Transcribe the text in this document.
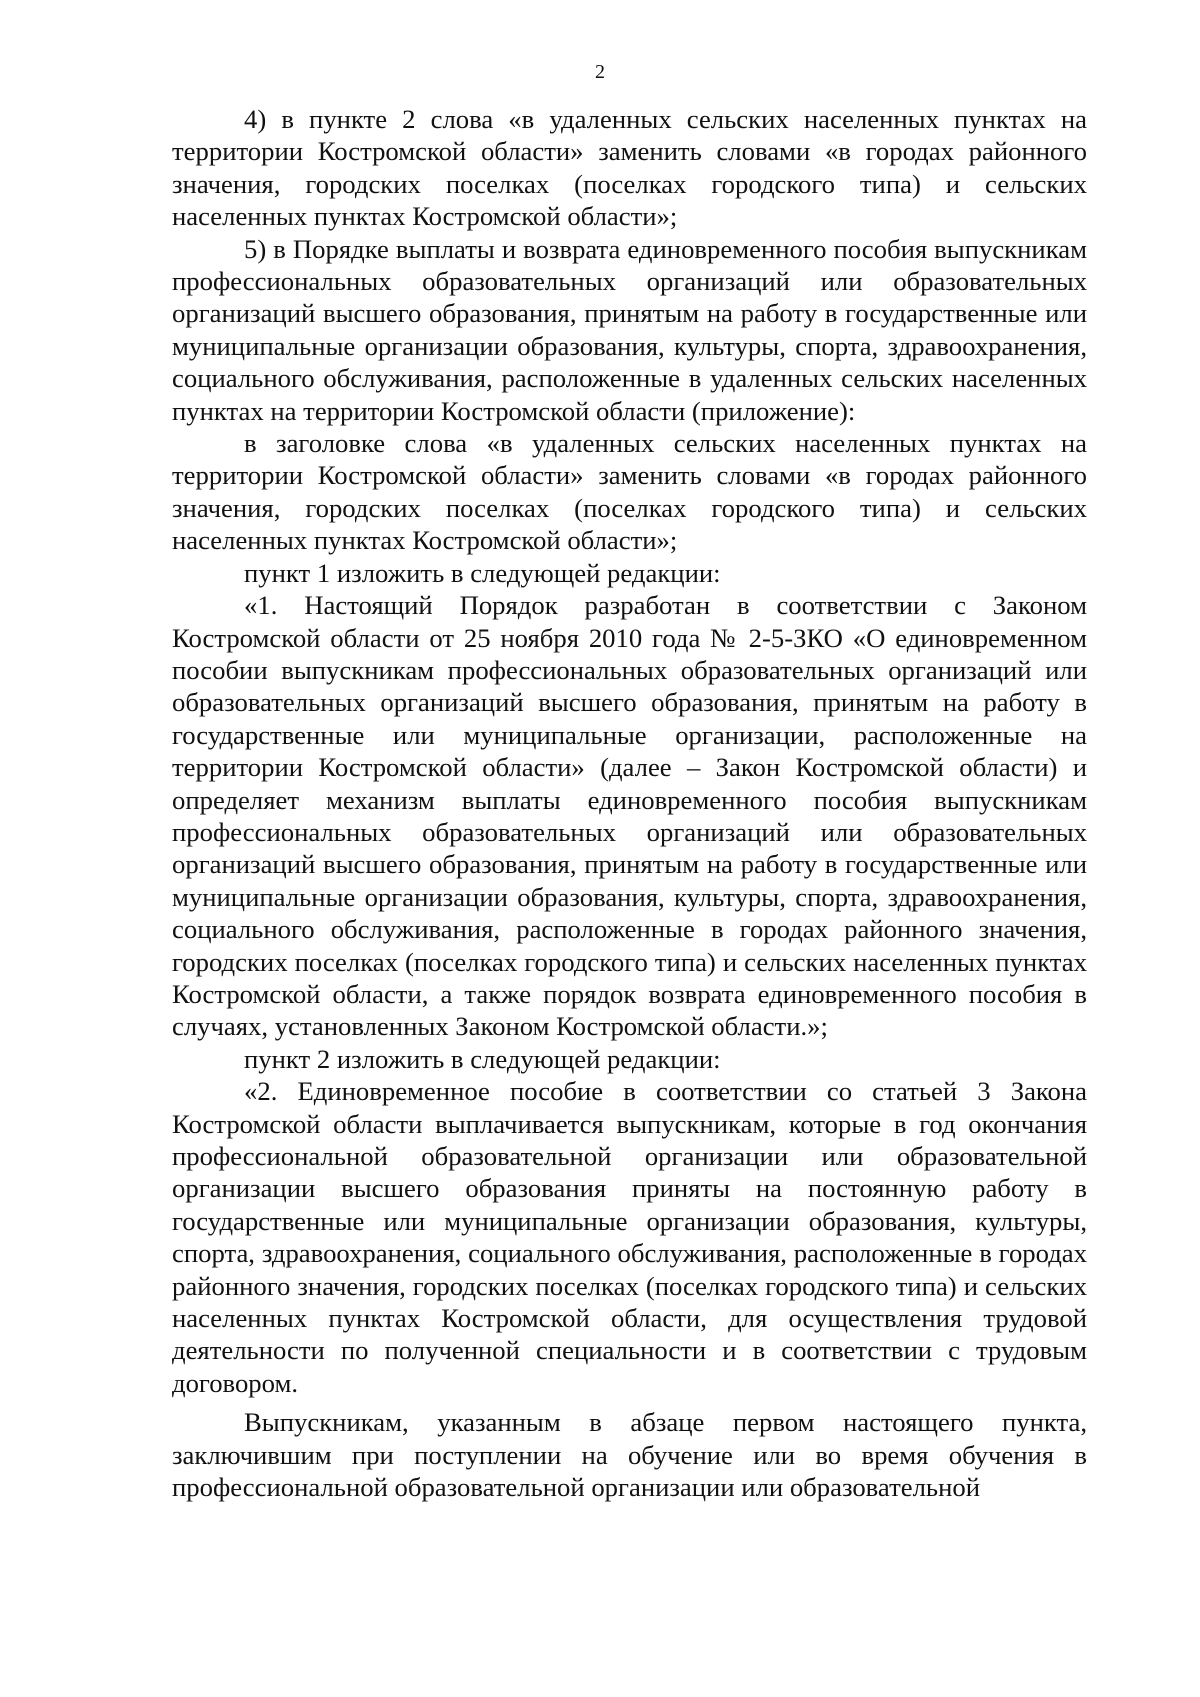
2

4) в пункте 2 слова «в удаленных сельских населенных пунктах на территории Костромской области» заменить словами «в городах районного значения, городских поселках (поселках городского типа) и сельских населенных пунктах Костромской области»;

5) в Порядке выплаты и возврата единовременного пособия выпускникам профессиональных образовательных организаций или образовательных организаций высшего образования, принятым на работу в государственные или муниципальные организации образования, культуры, спорта, здравоохранения, социального обслуживания, расположенные в удаленных сельских населенных пунктах на территории Костромской области (приложение):

в заголовке слова «в удаленных сельских населенных пунктах на территории Костромской области» заменить словами «в городах районного значения, городских поселках (поселках городского типа) и сельских населенных пунктах Костромской области»;

пункт 1 изложить в следующей редакции:

«1. Настоящий Порядок разработан в соответствии с Законом Костромской области от 25 ноября 2010 года № 2-5-ЗКО «О единовременном пособии выпускникам профессиональных образовательных организаций или образовательных организаций высшего образования, принятым на работу в государственные или муниципальные организации, расположенные на территории Костромской области» (далее – Закон Костромской области) и определяет механизм выплаты единовременного пособия выпускникам профессиональных образовательных организаций или образовательных организаций высшего образования, принятым на работу в государственные или муниципальные организации образования, культуры, спорта, здравоохранения, социального обслуживания, расположенные в городах районного значения, городских поселках (поселках городского типа) и сельских населенных пунктах Костромской области, а также порядок возврата единовременного пособия в случаях, установленных Законом Костромской области.»;

пункт 2 изложить в следующей редакции:

«2. Единовременное пособие в соответствии со статьей 3 Закона Костромской области выплачивается выпускникам, которые в год окончания профессиональной образовательной организации или образовательной организации высшего образования приняты на постоянную работу в государственные или муниципальные организации образования, культуры, спорта, здравоохранения, социального обслуживания, расположенные в городах районного значения, городских поселках (поселках городского типа) и сельских населенных пунктах Костромской области, для осуществления трудовой деятельности по полученной специальности и в соответствии с трудовым договором.

Выпускникам, указанным в абзаце первом настоящего пункта, заключившим при поступлении на обучение или во время обучения в профессиональной образовательной организации или образовательной
